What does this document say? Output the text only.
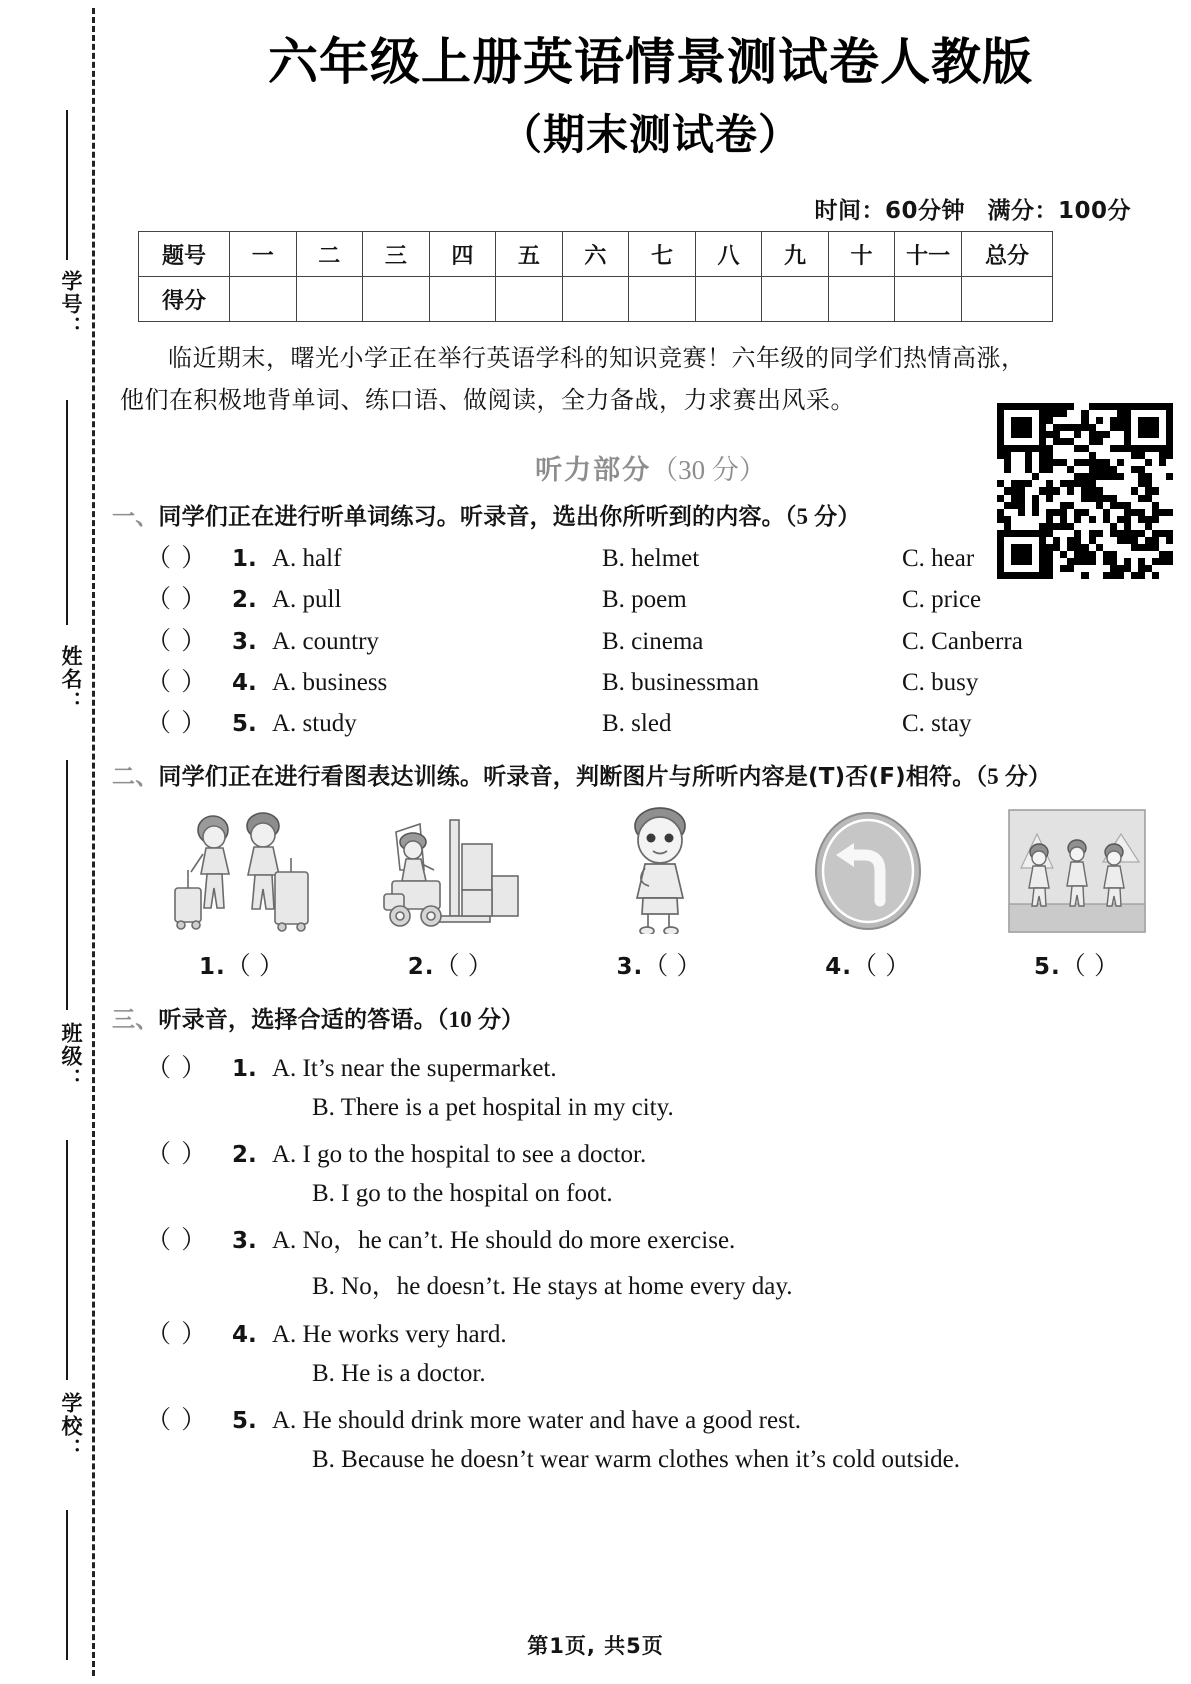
学号：
姓名：
班级：
学校：
六年级上册英语情景测试卷人教版
（期末测试卷）
时间：60分钟 满分：100分
题号	一	二	三	四	五	六	七	八	九	十	十一	总分
得分												
临近期末，曙光小学正在举行英语学科的知识竞赛！六年级的同学们热情高涨，
他们在积极地背单词、练口语、做阅读，全力备战，力求赛出风采。
听力部分（30 分）
一、同学们正在进行听单词练习。听录音，选出你所听到的内容。（5 分）
（ ）	1. A. half	B. helmet	C. hear
（ ）	2. A. pull	B. poem	C. price
（ ）	3. A. country	B. cinema	C. Canberra
（ ）	4. A. business	B. businessman	C. busy
（ ）	5. A. study	B. sled	C. stay
二、同学们正在进行看图表达训练。听录音，判断图片与所听内容是(T)否(F)相符。（5 分）
1.（ ）	2.（ ）	3.（ ）	4.（ ）	5.（ ）
三、听录音，选择合适的答语。（10 分）
（ ）	1. A. It’s near the supermarket.
B. There is a pet hospital in my city.
（ ）	2. A. I go to the hospital to see a doctor.
B. I go to the hospital on foot.
（ ）	3. A. No，he can’t. He should do more exercise.
B. No，he doesn’t. He stays at home every day.
（ ）	4. A. He works very hard.
B. He is a doctor.
（ ）	5. A. He should drink more water and have a good rest.
B. Because he doesn’t wear warm clothes when it’s cold outside.
第1页, 共5页
